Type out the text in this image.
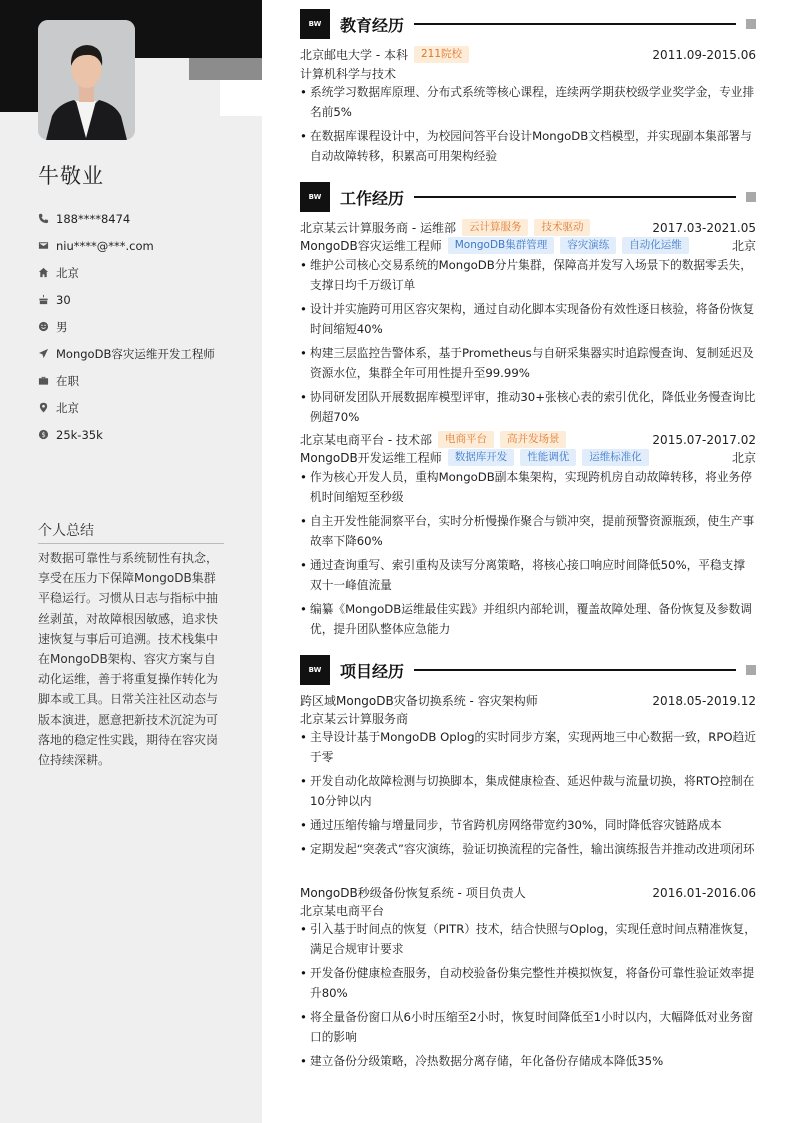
牛敬业
188****8474
niu****@***.com
北京
30
男
MongoDB容灾运维开发工程师
在职
北京
$ 25k-35k
个人总结
对数据可靠性与系统韧性有执念，享受在压力下保障MongoDB集群平稳运行。习惯从日志与指标中抽丝剥茧，对故障根因敏感，追求快速恢复与事后可追溯。技术栈集中在MongoDB架构、容灾方案与自动化运维，善于将重复操作转化为脚本或工具。日常关注社区动态与版本演进，愿意把新技术沉淀为可落地的稳定性实践，期待在容灾岗位持续深耕。
BW	教育经历
北京邮电大学 - 本科	211院校	2011.09-2015.06
计算机科学与技术
• 系统学习数据库原理、分布式系统等核心课程，连续两学期获校级学业奖学金，专业排名前5%
• 在数据库课程设计中，为校园问答平台设计MongoDB文档模型，并实现副本集部署与自动故障转移，积累高可用架构经验
BW	工作经历
北京某云计算服务商 - 运维部	云计算服务	技术驱动	2017.03-2021.05
MongoDB容灾运维工程师	MongoDB集群管理	容灾演练	自动化运维	北京
• 维护公司核心交易系统的MongoDB分片集群，保障高并发写入场景下的数据零丢失，支撑日均千万级订单
• 设计并实施跨可用区容灾架构，通过自动化脚本实现备份有效性逐日核验，将备份恢复时间缩短40%
• 构建三层监控告警体系，基于Prometheus与自研采集器实时追踪慢查询、复制延迟及资源水位，集群全年可用性提升至99.99%
• 协同研发团队开展数据库模型评审，推动30+张核心表的索引优化，降低业务慢查询比例超70%
北京某电商平台 - 技术部	电商平台	高并发场景	2015.07-2017.02
MongoDB开发运维工程师	数据库开发	性能调优	运维标准化	北京
• 作为核心开发人员，重构MongoDB副本集架构，实现跨机房自动故障转移，将业务停机时间缩短至秒级
• 自主开发性能洞察平台，实时分析慢操作聚合与锁冲突，提前预警资源瓶颈，使生产事故率下降60%
• 通过查询重写、索引重构及读写分离策略，将核心接口响应时间降低50%，平稳支撑双十一峰值流量
• 编纂《MongoDB运维最佳实践》并组织内部轮训，覆盖故障处理、备份恢复及参数调优，提升团队整体应急能力
BW	项目经历
跨区域MongoDB灾备切换系统 - 容灾架构师	2018.05-2019.12
北京某云计算服务商
• 主导设计基于MongoDB Oplog的实时同步方案，实现两地三中心数据一致，RPO趋近于零
• 开发自动化故障检测与切换脚本，集成健康检查、延迟仲裁与流量切换，将RTO控制在10分钟以内
• 通过压缩传输与增量同步，节省跨机房网络带宽约30%，同时降低容灾链路成本
• 定期发起“突袭式”容灾演练，验证切换流程的完备性，输出演练报告并推动改进项闭环
MongoDB秒级备份恢复系统 - 项目负责人	2016.01-2016.06
北京某电商平台
• 引入基于时间点的恢复（PITR）技术，结合快照与Oplog，实现任意时间点精准恢复，满足合规审计要求
• 开发备份健康检查服务，自动校验备份集完整性并模拟恢复，将备份可靠性验证效率提升80%
• 将全量备份窗口从6小时压缩至2小时，恢复时间降低至1小时以内，大幅降低对业务窗口的影响
• 建立备份分级策略，冷热数据分离存储，年化备份存储成本降低35%
